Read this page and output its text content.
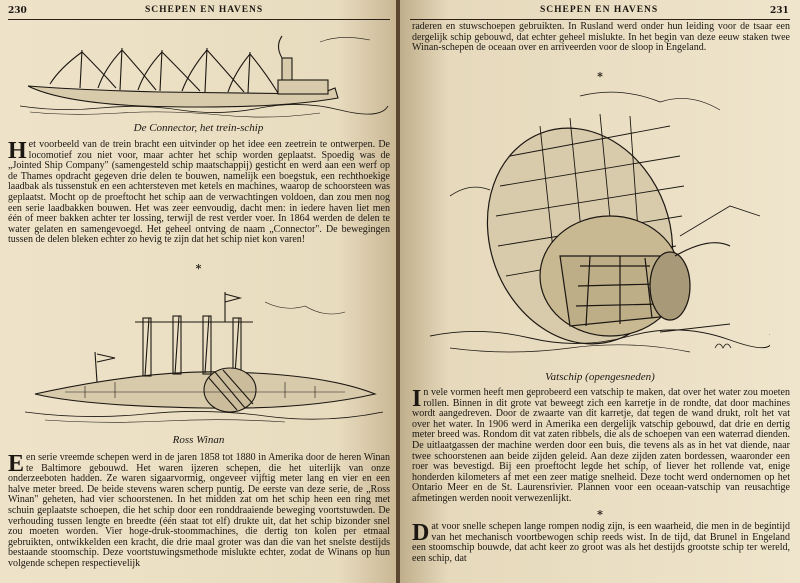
230	SCHEPEN EN HAVENS
De Connector, het trein-schip

Het voorbeeld van de trein bracht een uitvinder op het idee een zeetrein te ontwerpen. De locomotief zou niet voor, maar achter het schip worden geplaatst. Spoedig was de „Jointed Ship Company" (samengesteld schip maatschappij) gesticht en werd aan een werf op de Thames opdracht gegeven drie delen te bouwen, namelijk een boegstuk, een rechthoekige laadbak als tussenstuk en een achtersteven met ketels en machines, waarop de schoorsteen was geplaatst. Mocht op de proeftocht het schip aan de verwachtingen voldoen, dan zou men nog een serie laadbakken bouwen. Het was zeer eenvoudig, dacht men: in iedere haven liet men één of meer bakken achter ter lossing, terwijl de rest verder voer. In 1864 werden de delen te water gelaten en samengevoegd. Het geheel ontving de naam „Connector". De bewegingen tussen de delen bleken echter zo hevig te zijn dat het schip niet kon varen!

*
Ross Winan

Een serie vreemde schepen werd in de jaren 1858 tot 1880 in Amerika door de heren Winan te Baltimore gebouwd. Het waren ijzeren schepen, die het uiterlijk van onze onderzeeboten hadden. Ze waren sigaarvormig, ongeveer vijftig meter lang en vier en een halve meter breed. De beide stevens waren scherp puntig. De eerste van deze serie, de „Ross Winan" geheten, had vier schoorstenen. In het midden zat om het schip heen een ring met schuin geplaatste schoepen, die het schip door een ronddraaiende beweging voortstuwden. De verhouding tussen lengte en breedte (één staat tot elf) drukte uit, dat het schip bizonder snel zou moeten worden. Vier hoge-druk-stoommachines, die dertig ton kolen per etmaal gebruikten, ontwikkelden een kracht, die drie maal groter was dan die van het snelste destijds bestaande stoomschip. Deze voortstuwingsmethode mislukte echter, zodat de Winans op hun volgende schepen respectievelijk

SCHEPEN EN HAVENS	231

raderen en stuwschoepen gebruikten. In Rusland werd onder hun leiding voor de tsaar een dergelijk schip gebouwd, dat echter geheel mislukte. In het begin van deze eeuw staken twee Winan-schepen de oceaan over en arriveerden voor de sloop in Engeland.

*
Vatschip (opengesneden)

In vele vormen heeft men geprobeerd een vatschip te maken, dat over het water zou moeten rollen. Binnen in dit grote vat beweegt zich een karretje in de rondte, dat door machines wordt aangedreven. Door de zwaarte van dit karretje, dat tegen de wand drukt, rolt het vat over het water. In 1906 werd in Amerika een dergelijk vatschip gebouwd, dat drie en dertig meter breed was. Rondom dit vat zaten ribbels, die als de schoepen van een waterrad dienden. De uitlaatgassen der machine werden door een buis, die tevens als as in het vat diende, naar twee schoorstenen aan beide zijden geleid. Aan deze zijden zaten bordessen, waaronder een roer was bevestigd. Bij een proeftocht legde het schip, of liever het rollende vat, enige honderden kilometers af met een zeer matige snelheid. Deze tocht werd ondernomen op het Ontario Meer en de St. Laurensrivier. Plannen voor een oceaan-vatschip van reusachtige afmetingen werden nooit verwezenlijkt.

*

Dat voor snelle schepen lange rompen nodig zijn, is een waarheid, die men in de begintijd van het mechanisch voortbewogen schip reeds wist. In de tijd, dat Brunel in Engeland een stoomschip bouwde, dat acht keer zo groot was als het destijds grootste schip ter wereld, een schip, dat
